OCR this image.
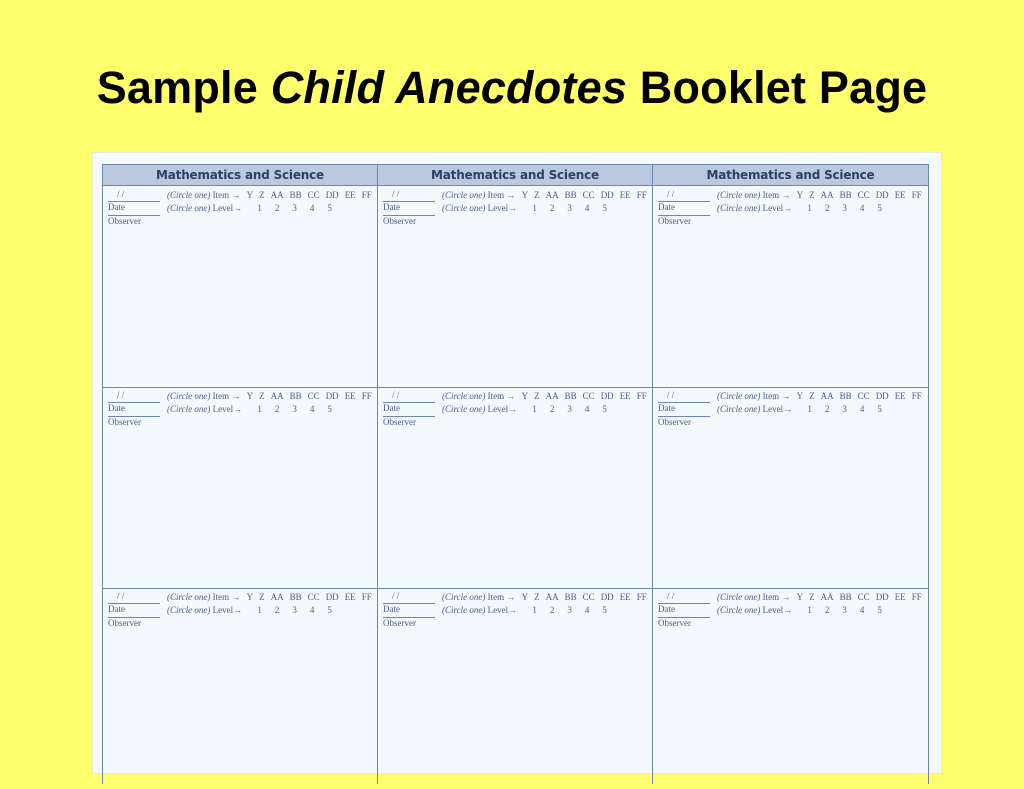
Sample Child Anecdotes Booklet Page
Mathematics and Science	Mathematics and Science	Mathematics and Science
/ /
Date
Observer
(Circle one) Item → Y Z AA BB CC DD EE FF
(Circle one) Level→ 1 2 3 4 5
/ /
Date
Observer
(Circle one) Item → Y Z AA BB CC DD EE FF
(Circle one) Level→ 1 2 3 4 5
/ /
Date
Observer
(Circle one) Item → Y Z AA BB CC DD EE FF
(Circle one) Level→ 1 2 3 4 5
/ /
Date
Observer
(Circle one) Item → Y Z AA BB CC DD EE FF
(Circle one) Level→ 1 2 3 4 5
/ /
Date
Observer
(Circle one) Item → Y Z AA BB CC DD EE FF
(Circle one) Level→ 1 2 3 4 5
/ /
Date
Observer
(Circle one) Item → Y Z AA BB CC DD EE FF
(Circle one) Level→ 1 2 3 4 5
/ /
Date
Observer
(Circle one) Item → Y Z AA BB CC DD EE FF
(Circle one) Level→ 1 2 3 4 5
/ /
Date
Observer
(Circle one) Item → Y Z AA BB CC DD EE FF
(Circle one) Level→ 1 2 3 4 5
/ /
Date
Observer
(Circle one) Item → Y Z AA BB CC DD EE FF
(Circle one) Level→ 1 2 3 4 5
